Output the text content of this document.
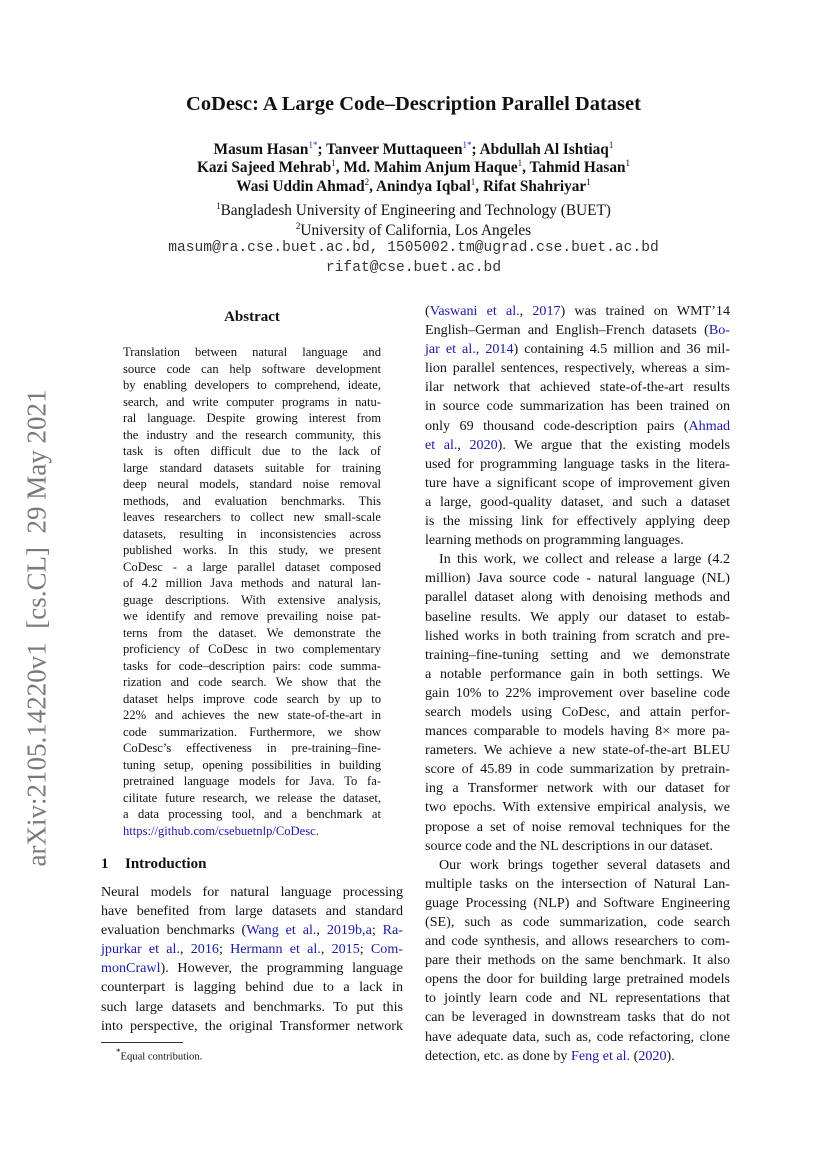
arXiv:2105.14220v1  [cs.CL]  29 May 2021
CoDesc: A Large Code–Description Parallel Dataset
Masum Hasan$^{1*}$; Tanveer Muttaqueen$^{1*}$; Abdullah Al Ishtiaq$^1$
Kazi Sajeed Mehrab$^1$, Md. Mahim Anjum Haque$^1$, Tahmid Hasan$^1$
Wasi Uddin Ahmad$^2$, Anindya Iqbal$^1$, Rifat Shahriyar$^1$
$^1$Bangladesh University of Engineering and Technology (BUET)
$^2$University of California, Los Angeles
masum@ra.cse.buet.ac.bd, 1505002.tm@ugrad.cse.buet.ac.bd
rifat@cse.buet.ac.bd
Abstract
Translation between natural language and
source code can help software development
by enabling developers to comprehend, ideate,
search, and write computer programs in natu-
ral language. Despite growing interest from
the industry and the research community, this
task is often difficult due to the lack of
large standard datasets suitable for training
deep neural models, standard noise removal
methods, and evaluation benchmarks. This
leaves researchers to collect new small-scale
datasets, resulting in inconsistencies across
published works. In this study, we present
CoDesc - a large parallel dataset composed
of 4.2 million Java methods and natural lan-
guage descriptions. With extensive analysis,
we identify and remove prevailing noise pat-
terns from the dataset. We demonstrate the
proficiency of CoDesc in two complementary
tasks for code–description pairs: code summa-
rization and code search. We show that the
dataset helps improve code search by up to
22% and achieves the new state-of-the-art in
code summarization. Furthermore, we show
CoDesc’s effectiveness in pre-training–fine-
tuning setup, opening possibilities in building
pretrained language models for Java. To fa-
cilitate future research, we release the dataset,
a data processing tool, and a benchmark at
https://github.com/csebuetnlp/CoDesc.
1 Introduction
Neural models for natural language processing
have benefited from large datasets and standard
evaluation benchmarks (Wang et al., 2019b,a; Ra-
jpurkar et al., 2016; Hermann et al., 2015; Com-
monCrawl). However, the programming language
counterpart is lagging behind due to a lack in
such large datasets and benchmarks. To put this
into perspective, the original Transformer network
*Equal contribution.
(Vaswani et al., 2017) was trained on WMT’14
English–German and English–French datasets (Bo-
jar et al., 2014) containing 4.5 million and 36 mil-
lion parallel sentences, respectively, whereas a sim-
ilar network that achieved state-of-the-art results
in source code summarization has been trained on
only 69 thousand code-description pairs (Ahmad
et al., 2020). We argue that the existing models
used for programming language tasks in the litera-
ture have a significant scope of improvement given
a large, good-quality dataset, and such a dataset
is the missing link for effectively applying deep
learning methods on programming languages.
In this work, we collect and release a large (4.2
million) Java source code - natural language (NL)
parallel dataset along with denoising methods and
baseline results. We apply our dataset to estab-
lished works in both training from scratch and pre-
training–fine-tuning setting and we demonstrate
a notable performance gain in both settings. We
gain 10% to 22% improvement over baseline code
search models using CoDesc, and attain perfor-
mances comparable to models having 8× more pa-
rameters. We achieve a new state-of-the-art BLEU
score of 45.89 in code summarization by pretrain-
ing a Transformer network with our dataset for
two epochs. With extensive empirical analysis, we
propose a set of noise removal techniques for the
source code and the NL descriptions in our dataset.
Our work brings together several datasets and
multiple tasks on the intersection of Natural Lan-
guage Processing (NLP) and Software Engineering
(SE), such as code summarization, code search
and code synthesis, and allows researchers to com-
pare their methods on the same benchmark. It also
opens the door for building large pretrained models
to jointly learn code and NL representations that
can be leveraged in downstream tasks that do not
have adequate data, such as, code refactoring, clone
detection, etc. as done by Feng et al. (2020).
